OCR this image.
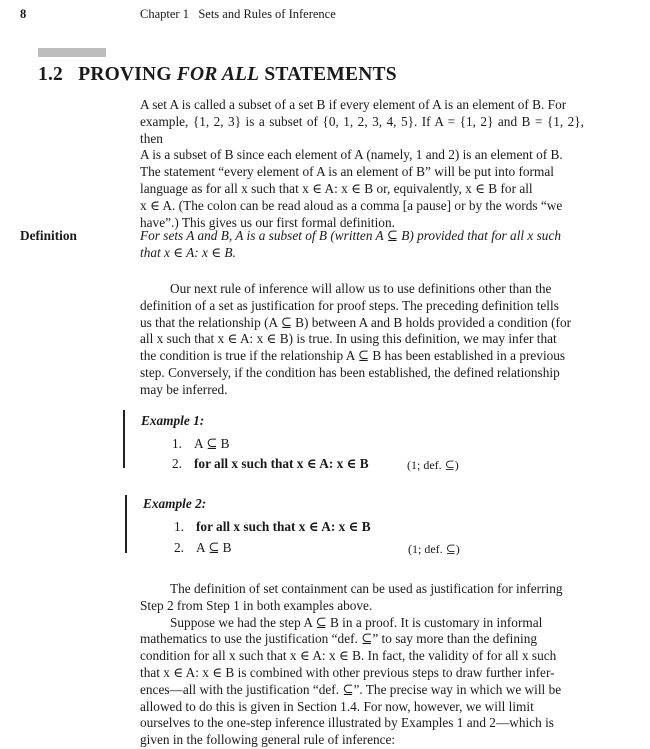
8	Chapter 1   Sets and Rules of Inference
1.2 PROVING FOR ALL STATEMENTS
A set A is called a subset of a set B if every element of A is an element of B. For
example, {1, 2, 3} is a subset of {0, 1, 2, 3, 4, 5}. If A = {1, 2} and B = {1, 2}, then
A is a subset of B since each element of A (namely, 1 and 2) is an element of B.
The statement “every element of A is an element of B” will be put into formal
language as for all x such that x ∈ A: x ∈ B or, equivalently, x ∈ B for all
x ∈ A. (The colon can be read aloud as a comma [a pause] or by the words “we
have”.) This gives us our first formal definition.
Definition	For sets A and B, A is a subset of B (written A ⊆ B) provided that for all x such
that x ∈ A: x ∈ B.
Our next rule of inference will allow us to use definitions other than the
definition of a set as justification for proof steps. The preceding definition tells
us that the relationship (A ⊆ B) between A and B holds provided a condition (for
all x such that x ∈ A: x ∈ B) is true. In using this definition, we may infer that
the condition is true if the relationship A ⊆ B has been established in a previous
step. Conversely, if the condition has been established, the defined relationship
may be inferred.
Example 1:
1. A ⊆ B
2. for all x such that x ∈ A: x ∈ B	(1; def. ⊆)
Example 2:
1. for all x such that x ∈ A: x ∈ B
2. A ⊆ B	(1; def. ⊆)
The definition of set containment can be used as justification for inferring
Step 2 from Step 1 in both examples above.
Suppose we had the step A ⊆ B in a proof. It is customary in informal
mathematics to use the justification “def. ⊆” to say more than the defining
condition for all x such that x ∈ A: x ∈ B. In fact, the validity of for all x such
that x ∈ A: x ∈ B is combined with other previous steps to draw further infer-
ences—all with the justification “def. ⊆”. The precise way in which we will be
allowed to do this is given in Section 1.4. For now, however, we will limit
ourselves to the one-step inference illustrated by Examples 1 and 2—which is
given in the following general rule of inference:
